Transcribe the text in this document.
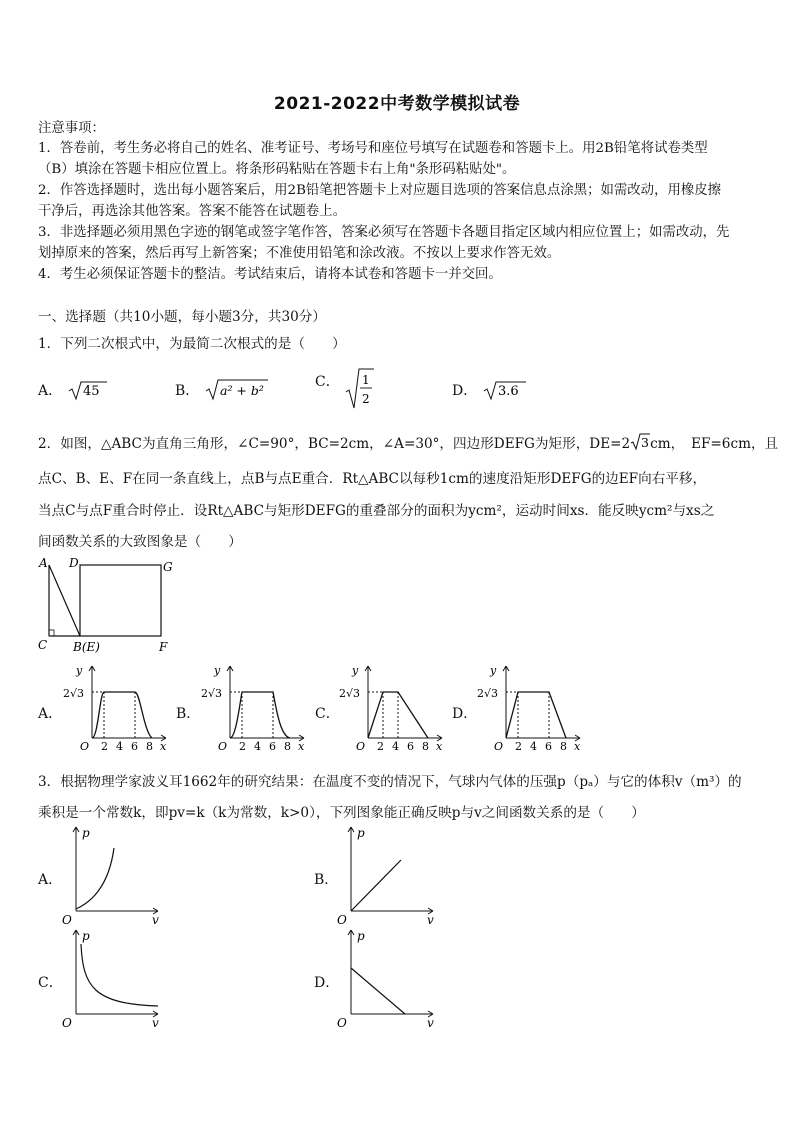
2021-2022中考数学模拟试卷
注意事项：
1．答卷前，考生务必将自己的姓名、准考证号、考场号和座位号填写在试题卷和答题卡上。用2B铅笔将试卷类型
（B）填涂在答题卡相应位置上。将条形码粘贴在答题卡右上角"条形码粘贴处"。
2．作答选择题时，选出每小题答案后，用2B铅笔把答题卡上对应题目选项的答案信息点涂黑；如需改动，用橡皮擦
干净后，再选涂其他答案。答案不能答在试题卷上。
3．非选择题必须用黑色字迹的钢笔或签字笔作答，答案必须写在答题卡各题目指定区域内相应位置上；如需改动，先
划掉原来的答案，然后再写上新答案；不准使用铅笔和涂改液。不按以上要求作答无效。
4．考生必须保证答题卡的整洁。考试结束后，请将本试卷和答题卡一并交回。
一、选择题（共10小题，每小题3分，共30分）
1．下列二次根式中，为最简二次根式的是（　　）
A． 45	B． a² + b²
C． 1
2	D． 3.6
2．如图，△ABC为直角三角形，∠C=90°，BC=2cm，∠A=30°，四边形DEFG为矩形，DE=2 3 cm，　EF=6cm，且
点C、B、E、F在同一条直线上，点B与点E重合．Rt△ABC以每秒1cm的速度沿矩形DEFG的边EF向右平移，
当点C与点F重合时停止．设Rt△ABC与矩形DEFG的重叠部分的面积为ycm²，运动时间xs．能反映ycm²与xs之
间函数关系的大致图象是（　　）
A D	G
C B(E)	F
A．	B．	C．	D．
y
2√3
O 2 4 6 8 x
y
2√3
O 2 4 6 8 x
y
2√3
O 2 4 6 8 x
y
2√3
O 2 4 6 8 x
3．根据物理学家波义耳1662年的研究结果：在温度不变的情况下，气球内气体的压强p（pₐ）与它的体积v（m³）的
乘积是一个常数k，即pv=k（k为常数，k>0），下列图象能正确反映p与v之间函数关系的是（　　）
A．	B．
C．	D．
p
O	v
p
O	v
p
O	v
p
O	v
